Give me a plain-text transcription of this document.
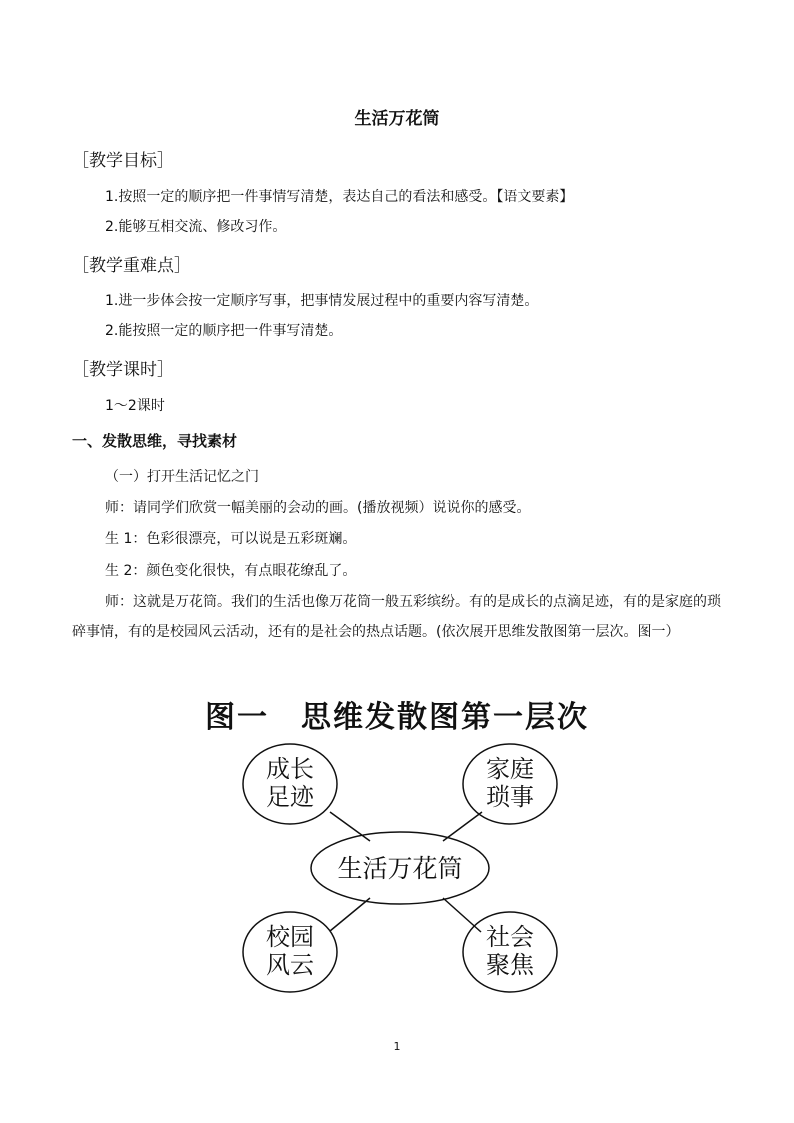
生活万花筒
［教学目标］
1.按照一定的顺序把一件事情写清楚，表达自己的看法和感受。【语文要素】
2.能够互相交流、修改习作。
［教学重难点］
1.进一步体会按一定顺序写事，把事情发展过程中的重要内容写清楚。
2.能按照一定的顺序把一件事写清楚。
［教学课时］
1～2课时
一、发散思维，寻找素材
（一）打开生活记忆之门
师：请同学们欣赏一幅美丽的会动的画。(播放视频）说说你的感受。
生 1：色彩很漂亮，可以说是五彩斑斓。
生 2：颜色变化很快，有点眼花缭乱了。
师：这就是万花筒。我们的生活也像万花筒一般五彩缤纷。有的是成长的点滴足迹，有的是家庭的琐碎事情，有的是校园风云活动，还有的是社会的热点话题。(依次展开思维发散图第一层次。图一）
图一　思维发散图第一层次
成长
足迹
家庭
琐事
校园
风云
社会
聚焦
生活万花筒
1
